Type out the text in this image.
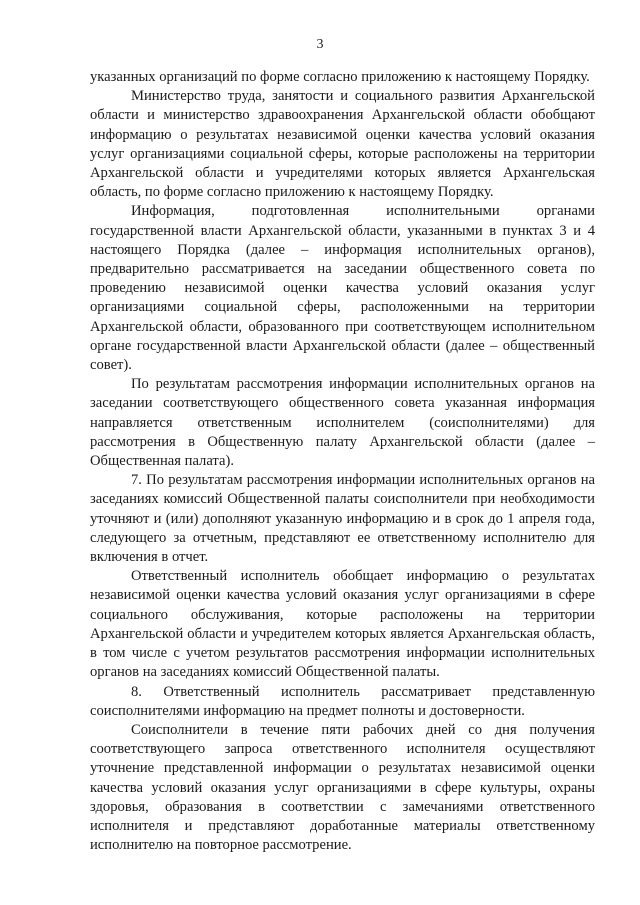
3

указанных организаций по форме согласно приложению к настоящему Порядку.

Министерство труда, занятости и социального развития Архангельской области и министерство здравоохранения Архангельской области обобщают информацию о результатах независимой оценки качества условий оказания услуг организациями социальной сферы, которые расположены на территории Архангельской области и учредителями которых является Архангельская область, по форме согласно приложению к настоящему Порядку.

Информация, подготовленная исполнительными органами государственной власти Архангельской области, указанными в пунктах 3 и 4 настоящего Порядка (далее – информация исполнительных органов), предварительно рассматривается на заседании общественного совета по проведению независимой оценки качества условий оказания услуг организациями социальной сферы, расположенными на территории Архангельской области, образованного при соответствующем исполнительном органе государственной власти Архангельской области (далее – общественный совет).

По результатам рассмотрения информации исполнительных органов на заседании соответствующего общественного совета указанная информация направляется ответственным исполнителем (соисполнителями) для рассмотрения в Общественную палату Архангельской области (далее – Общественная палата).

7. По результатам рассмотрения информации исполнительных органов на заседаниях комиссий Общественной палаты соисполнители при необходимости уточняют и (или) дополняют указанную информацию и в срок до 1 апреля года, следующего за отчетным, представляют ее ответственному исполнителю для включения в отчет.

Ответственный исполнитель обобщает информацию о результатах независимой оценки качества условий оказания услуг организациями в сфере социального обслуживания, которые расположены на территории Архангельской области и учредителем которых является Архангельская область, в том числе с учетом результатов рассмотрения информации исполнительных органов на заседаниях комиссий Общественной палаты.

8. Ответственный исполнитель рассматривает представленную соисполнителями информацию на предмет полноты и достоверности.

Соисполнители в течение пяти рабочих дней со дня получения соответствующего запроса ответственного исполнителя осуществляют уточнение представленной информации о результатах независимой оценки качества условий оказания услуг организациями в сфере культуры, охраны здоровья, образования в соответствии с замечаниями ответственного исполнителя и представляют доработанные материалы ответственному исполнителю на повторное рассмотрение.
